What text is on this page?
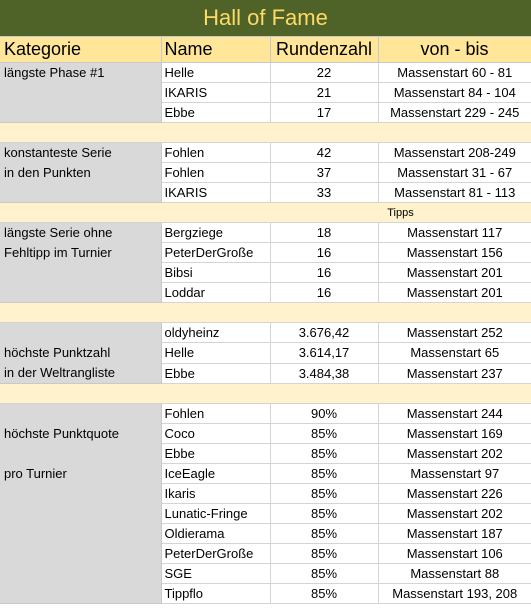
Hall of Fame
Kategorie	Name	Rundenzahl	von - bis

längste Phase #1	Helle	22	Massenstart 60 - 81
	IKARIS	21	Massenstart 84 - 104
	Ebbe	17	Massenstart 229 - 245

konstanteste Serie
in den Punkten	Fohlen	42	Massenstart 208-249
	Fohlen	37	Massenstart 31 - 67
	IKARIS	33	Massenstart 81 - 113
		Tipps	

längste Serie ohne
Fehltipp im Turnier	Bergziege	18	Massenstart 117
	PeterDerGroße	16	Massenstart 156
	Bibsi	16	Massenstart 201
	Loddar	16	Massenstart 201

höchste Punktzahl
in der Weltrangliste	oldyheinz	3.676,42	Massenstart 252
	Helle	3.614,17	Massenstart 65
	Ebbe	3.484,38	Massenstart 237

höchste Punktquote
pro Turnier	Fohlen	90%	Massenstart 244
	Coco	85%	Massenstart 169
	Ebbe	85%	Massenstart 202
	IceEagle	85%	Massenstart 97
	Ikaris	85%	Massenstart 226
	Lunatic-Fringe	85%	Massenstart 202
	Oldierama	85%	Massenstart 187
	PeterDerGroße	85%	Massenstart 106
	SGE	85%	Massenstart 88
	Tippflo	85%	Massenstart 193, 208
